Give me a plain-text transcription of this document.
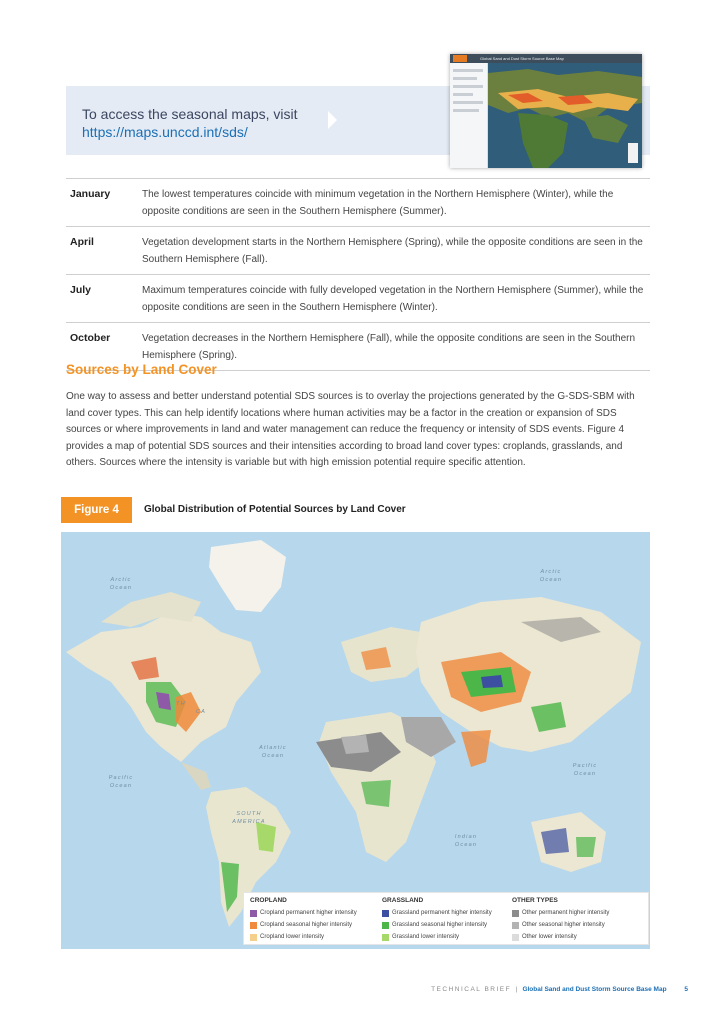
To access the seasonal maps, visit
https://maps.unccd.int/sds/
Global Sand and Dust Storm Source Base Map
January	The lowest temperatures coincide with minimum vegetation in the Northern Hemisphere (Winter), while the opposite conditions are seen in the Southern Hemisphere (Summer).
April	Vegetation development starts in the Northern Hemisphere (Spring), while the opposite conditions are seen in the Southern Hemisphere (Fall).
July	Maximum temperatures coincide with fully developed vegetation in the Northern Hemisphere (Summer), while the opposite conditions are seen in the Southern Hemisphere (Winter).
October	Vegetation decreases in the Northern Hemisphere (Fall), while the opposite conditions are seen in the Southern Hemisphere (Spring).
Sources by Land Cover
One way to assess and better understand potential SDS sources is to overlay the projections generated by the G-SDS-SBM with land cover types. This can help identify locations where human activities may be a factor in the creation or expansion of SDS sources or where improvements in land and water management can reduce the frequency or intensity of SDS events. Figure 4 provides a map of potential SDS sources and their intensities according to broad land cover types: croplands, grasslands, and others. Sources where the intensity is variable but with high emission potential require specific attention.
Figure 4	Global Distribution of Potential Sources by Land Cover
Arctic Ocean
Arctic Ocean
Atlantic Ocean
Pacific Ocean
Pacific Ocean
Indian Ocean
TH
CA
SOUTH AMERICA
CROPLAND
Cropland permanent higher intensity
Cropland seasonal higher intensity
Cropland lower intensity
GRASSLAND
Grassland permanent higher intensity
Grassland seasonal higher intensity
Grassland lower intensity
OTHER TYPES
Other permanent higher intensity
Other seasonal higher intensity
Other lower intensity
TECHNICAL BRIEF | Global Sand and Dust Storm Source Base Map	5
